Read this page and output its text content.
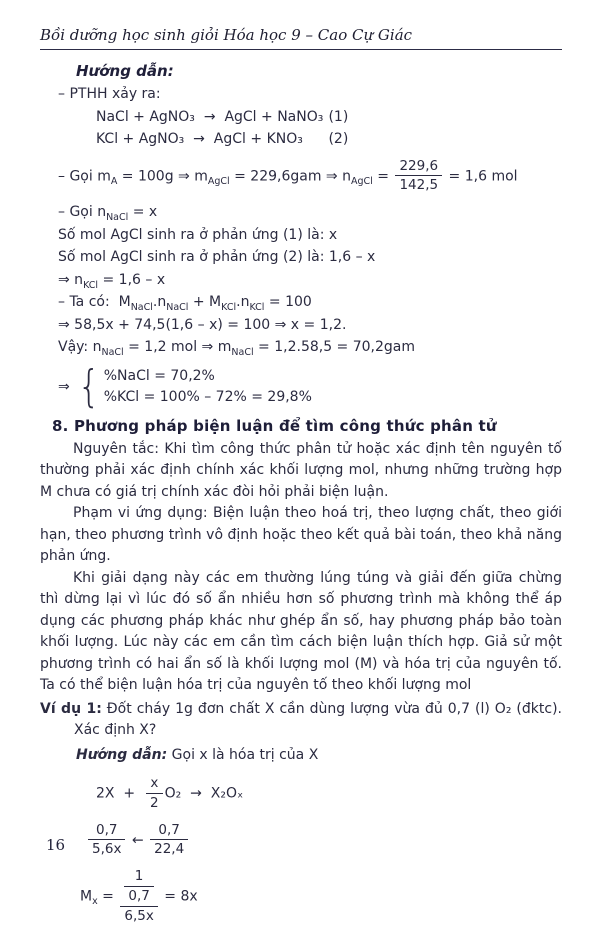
Bồi dưỡng học sinh giỏi Hóa học 9 – Cao Cự Giác
Hướng dẫn:
– PTHH xảy ra:
NaCl + AgNO₃  →  AgCl + NaNO₃ (1)
KCl + AgNO₃  →  AgCl + KNO₃ (2)
– Gọi $m_A = 100g$ ⇒ $m_{AgCl} = 229,6gam$ ⇒ $n_{AgCl} = \frac{229,6}{142,5} = 1,6$ mol
– Gọi $n_{NaCl} = x$
Số mol AgCl sinh ra ở phản ứng (1) là: x
Số mol AgCl sinh ra ở phản ứng (2) là: 1,6 – x
⇒ $n_{KCl} = 1,6 - x$
– Ta có:  $M_{NaCl}.n_{NaCl} + M_{KCl}.n_{KCl} = 100$
⇒ 58,5x + 74,5(1,6 – x) = 100 ⇒ x = 1,2.
Vậy: $n_{NaCl} = 1,2$ mol ⇒ $m_{NaCl} = 1,2.58,5 = 70,2gam$
⇒ { %NaCl = 70,2%
%KCl = 100% – 72% = 29,8%
8. Phương pháp biện luận để tìm công thức phân tử

Nguyên tắc: Khi tìm công thức phân tử hoặc xác định tên nguyên tố thường phải xác định chính xác khối lượng mol, nhưng những trường hợp M chưa có giá trị chính xác đòi hỏi phải biện luận.

Phạm vi ứng dụng: Biện luận theo hoá trị, theo lượng chất, theo giới hạn, theo phương trình vô định hoặc theo kết quả bài toán, theo khả năng phản ứng.

Khi giải dạng này các em thường lúng túng và giải đến giữa chừng thì dừng lại vì lúc đó số ẩn nhiều hơn số phương trình mà không thể áp dụng các phương pháp khác như ghép ẩn số, hay phương pháp bảo toàn khối lượng. Lúc này các em cần tìm cách biện luận thích hợp. Giả sử một phương trình có hai ẩn số là khối lượng mol (M) và hóa trị của nguyên tố. Ta có thể biện luận hóa trị của nguyên tố theo khối lượng mol

Ví dụ 1: Đốt cháy 1g đơn chất X cần dùng lượng vừa đủ 0,7 (l) O₂ (đktc). Xác định X?

Hướng dẫn: Gọi x là hóa trị của X
$2X + \frac{x}{2} O_2 \to X_2O_x$
$\frac{0,7}{5,6x}$ ← $\frac{0,7}{22,4}$
$M_x = \frac{\frac{1}{0,7}}{6,5x} = 8x$
16
